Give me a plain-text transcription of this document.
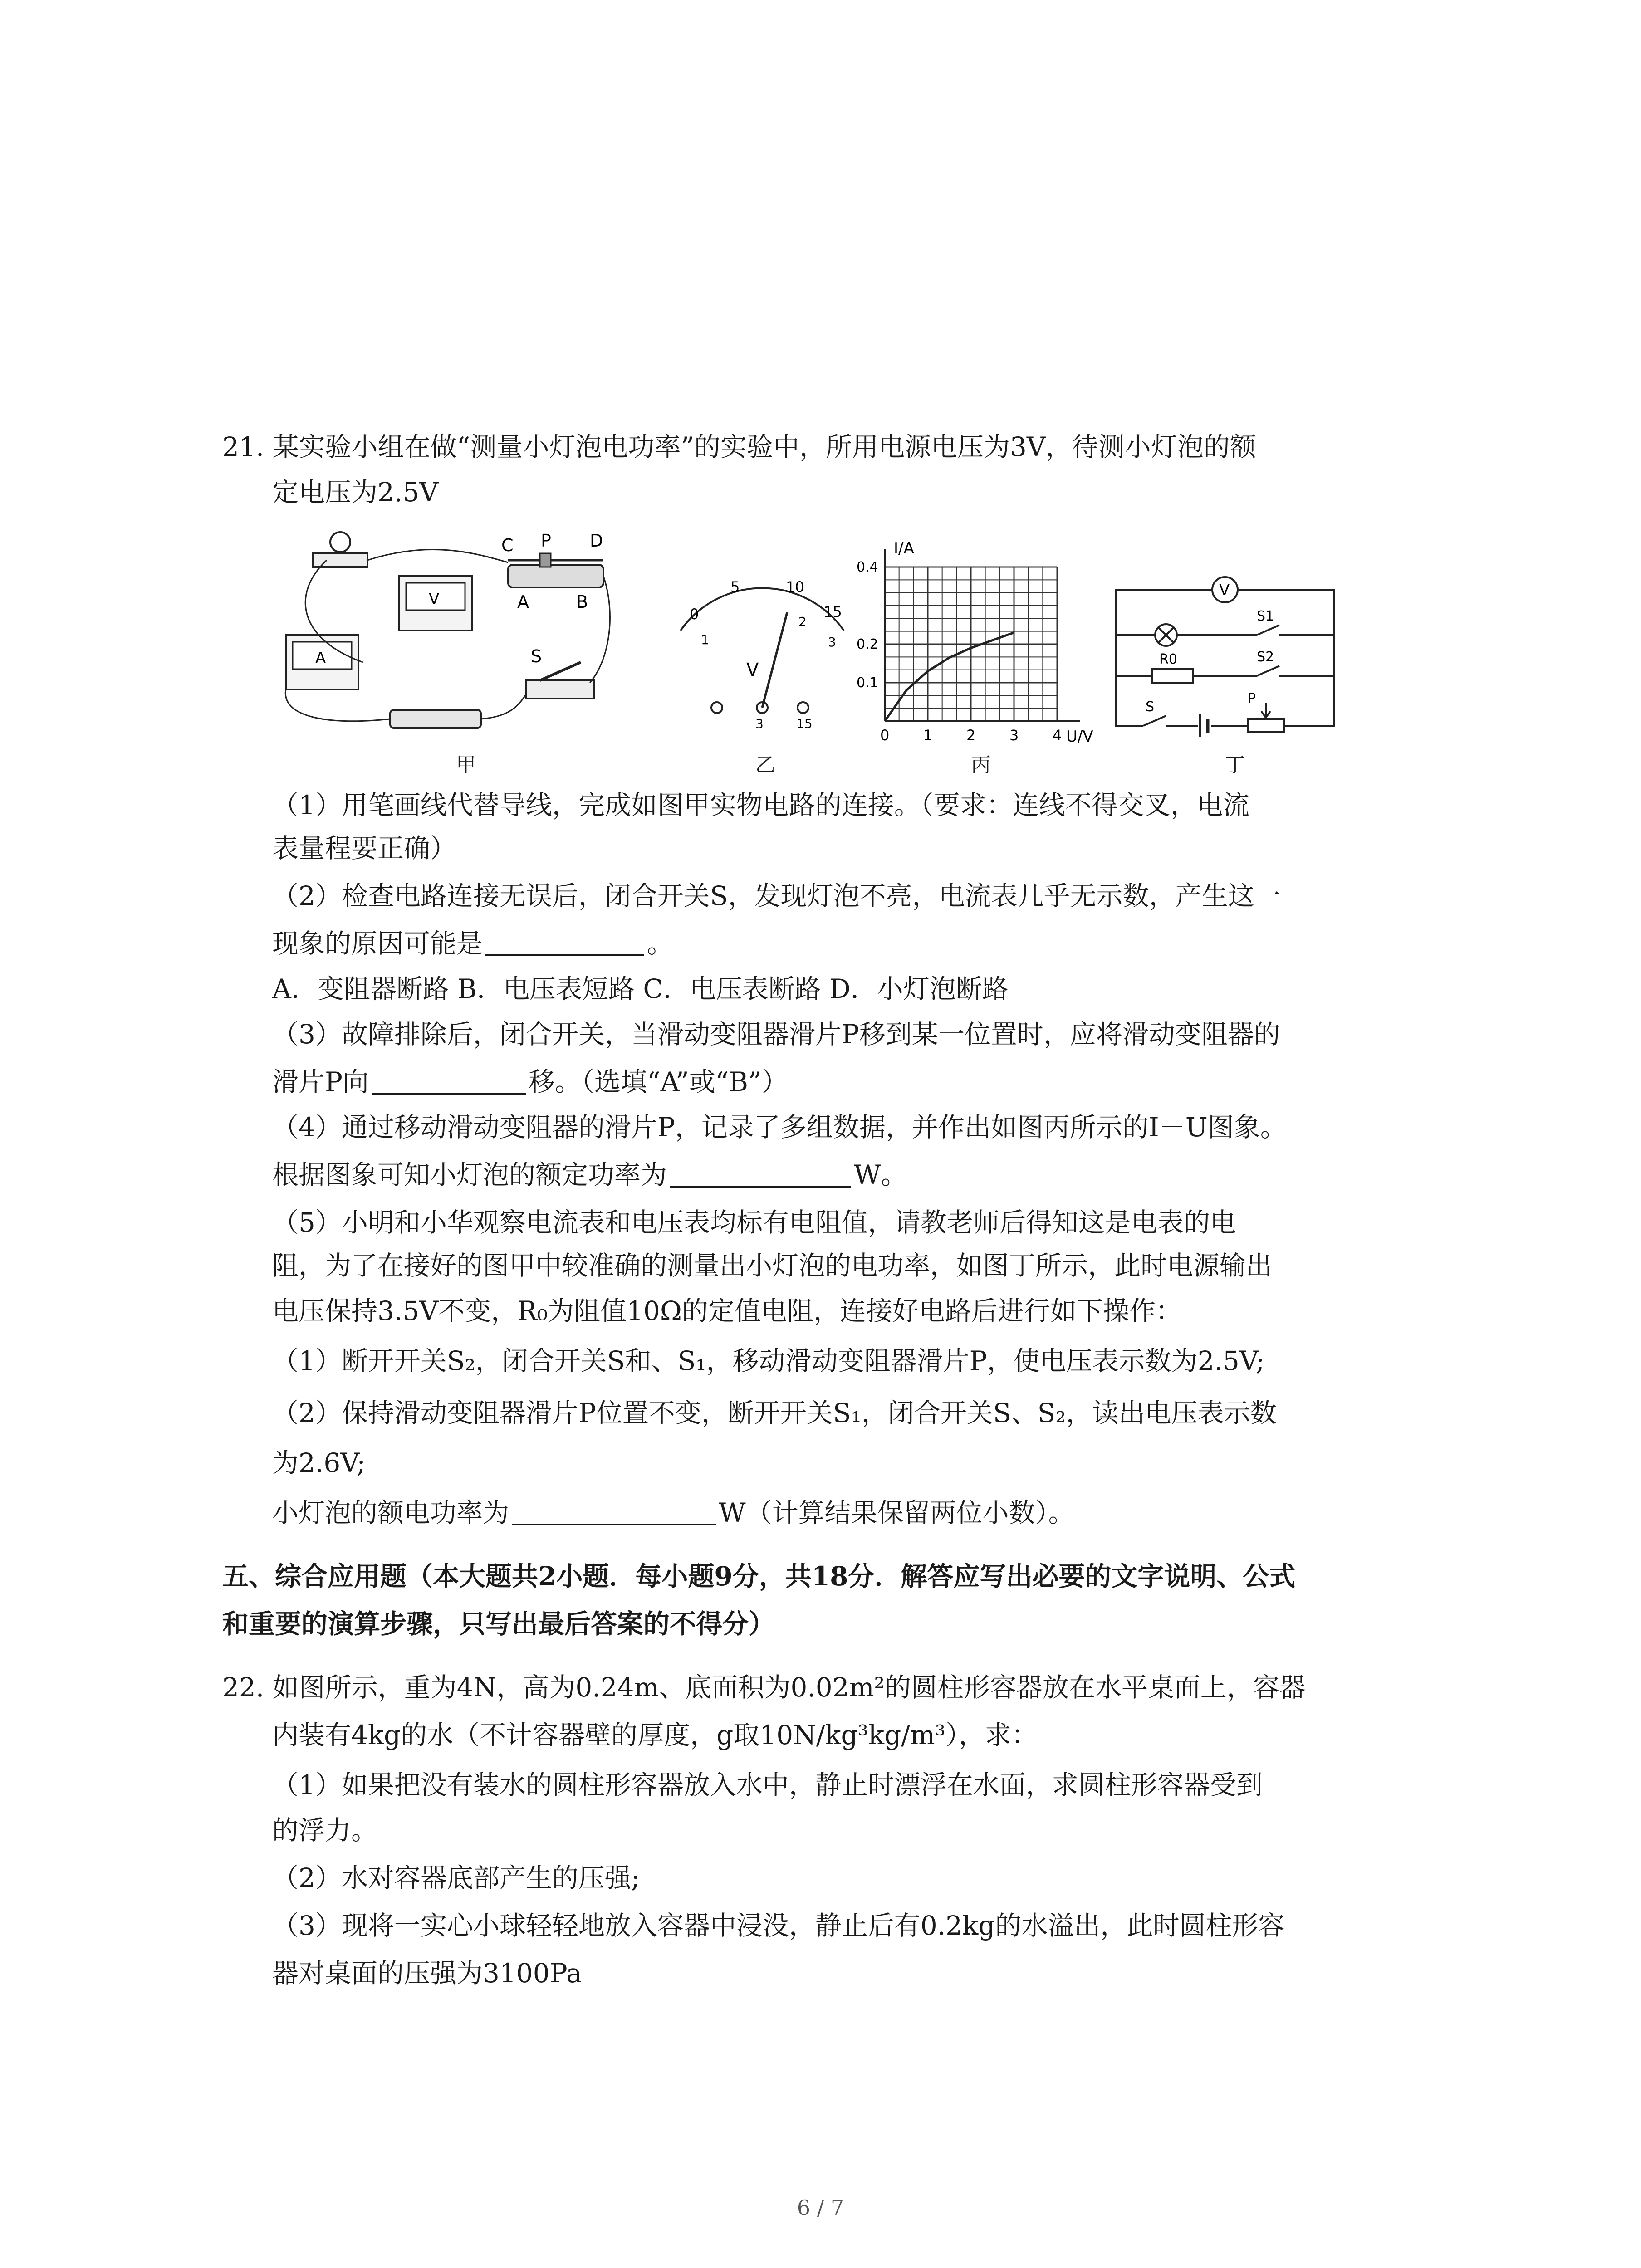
21. 某实验小组在做“测量小灯泡电功率”的实验中，所用电源电压为3V，待测小灯泡的额
定电压为2.5V
C P D
A	B
V
A	S
甲
0
5	10
15
1
2
3
V
3	15
乙
0 1 2 3 4
0.1
0.2
0.4
I/A
U/V
丙
V
S1
R0	S2
S
P
丁
（1）用笔画线代替导线，完成如图甲实物电路的连接。（要求：连线不得交叉，电流
表量程要正确）
（2）检查电路连接无误后，闭合开关S，发现灯泡不亮，电流表几乎无示数，产生这一
现象的原因可能是	。
A．变阻器断路 B．电压表短路 C．电压表断路 D．小灯泡断路
（3）故障排除后，闭合开关，当滑动变阻器滑片P移到某一位置时，应将滑动变阻器的
滑片P向	移。（选填“A”或“B”）
（4）通过移动滑动变阻器的滑片P，记录了多组数据，并作出如图丙所示的I－U图象。
根据图象可知小灯泡的额定功率为	W。
（5）小明和小华观察电流表和电压表均标有电阻值，请教老师后得知这是电表的电
阻，为了在接好的图甲中较准确的测量出小灯泡的电功率，如图丁所示，此时电源输出
电压保持3.5V不变，R₀为阻值10Ω的定值电阻，连接好电路后进行如下操作：
（1）断开开关S₂，闭合开关S和、S₁，移动滑动变阻器滑片P，使电压表示数为2.5V;
（2）保持滑动变阻器滑片P位置不变，断开开关S₁，闭合开关S、S₂，读出电压表示数
为2.6V;
小灯泡的额电功率为	W（计算结果保留两位小数）。
五、综合应用题（本大题共2小题．每小题9分，共18分．解答应写出必要的文字说明、公式
和重要的演算步骤，只写出最后答案的不得分）
22. 如图所示，重为4N，高为0.24m、底面积为0.02m²的圆柱形容器放在水平桌面上，容器
内装有4kg的水（不计容器壁的厚度，g取10N/kg³kg/m³），求：
（1）如果把没有装水的圆柱形容器放入水中，静止时漂浮在水面，求圆柱形容器受到
的浮力。
（2）水对容器底部产生的压强;
（3）现将一实心小球轻轻地放入容器中浸没，静止后有0.2kg的水溢出，此时圆柱形容
器对桌面的压强为3100Pa
6 / 7
